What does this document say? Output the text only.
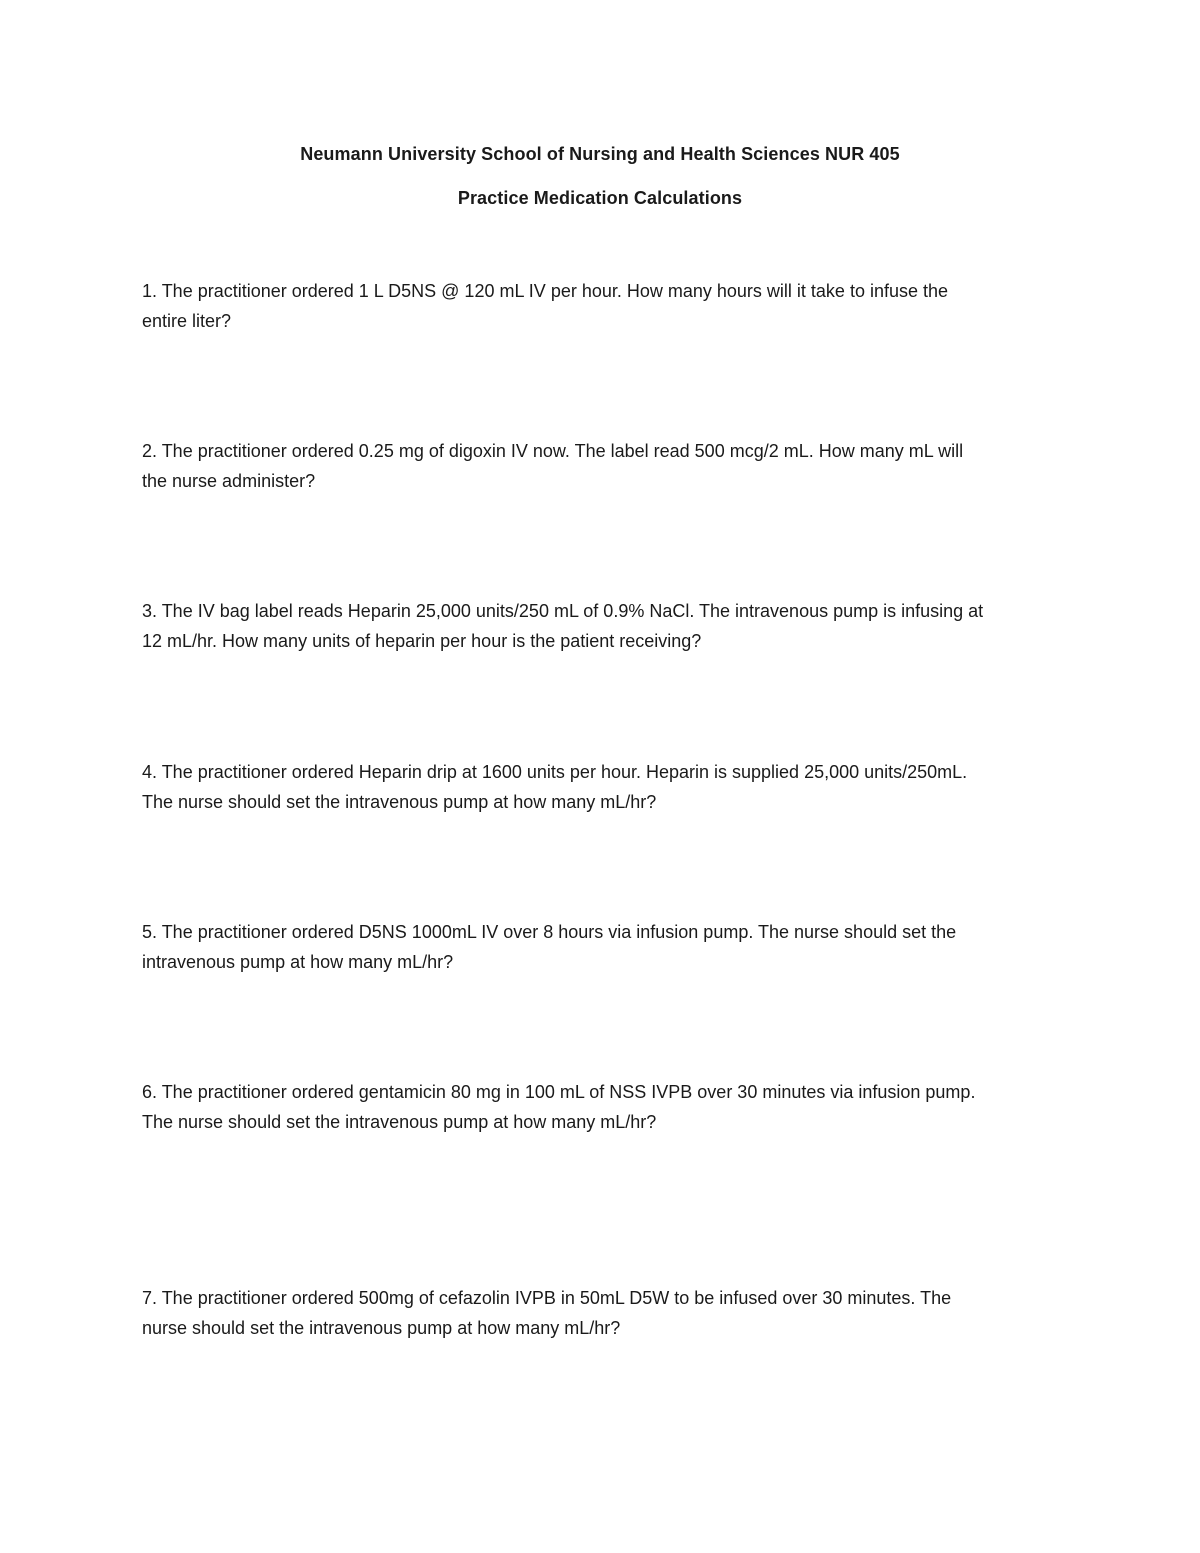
Neumann University School of Nursing and Health Sciences NUR 405
Practice Medication Calculations
1. The practitioner ordered 1 L D5NS @ 120 mL IV per hour. How many hours will it take to infuse the
entire liter?
2. The practitioner ordered 0.25 mg of digoxin IV now. The label read 500 mcg/2 mL. How many mL will
the nurse administer?
3. The IV bag label reads Heparin 25,000 units/250 mL of 0.9% NaCl. The intravenous pump is infusing at
12 mL/hr. How many units of heparin per hour is the patient receiving?
4. The practitioner ordered Heparin drip at 1600 units per hour. Heparin is supplied 25,000 units/250mL.
The nurse should set the intravenous pump at how many mL/hr?
5. The practitioner ordered D5NS 1000mL IV over 8 hours via infusion pump. The nurse should set the
intravenous pump at how many mL/hr?
6. The practitioner ordered gentamicin 80 mg in 100 mL of NSS IVPB over 30 minutes via infusion pump.
The nurse should set the intravenous pump at how many mL/hr?
7. The practitioner ordered 500mg of cefazolin IVPB in 50mL D5W to be infused over 30 minutes. The
nurse should set the intravenous pump at how many mL/hr?
